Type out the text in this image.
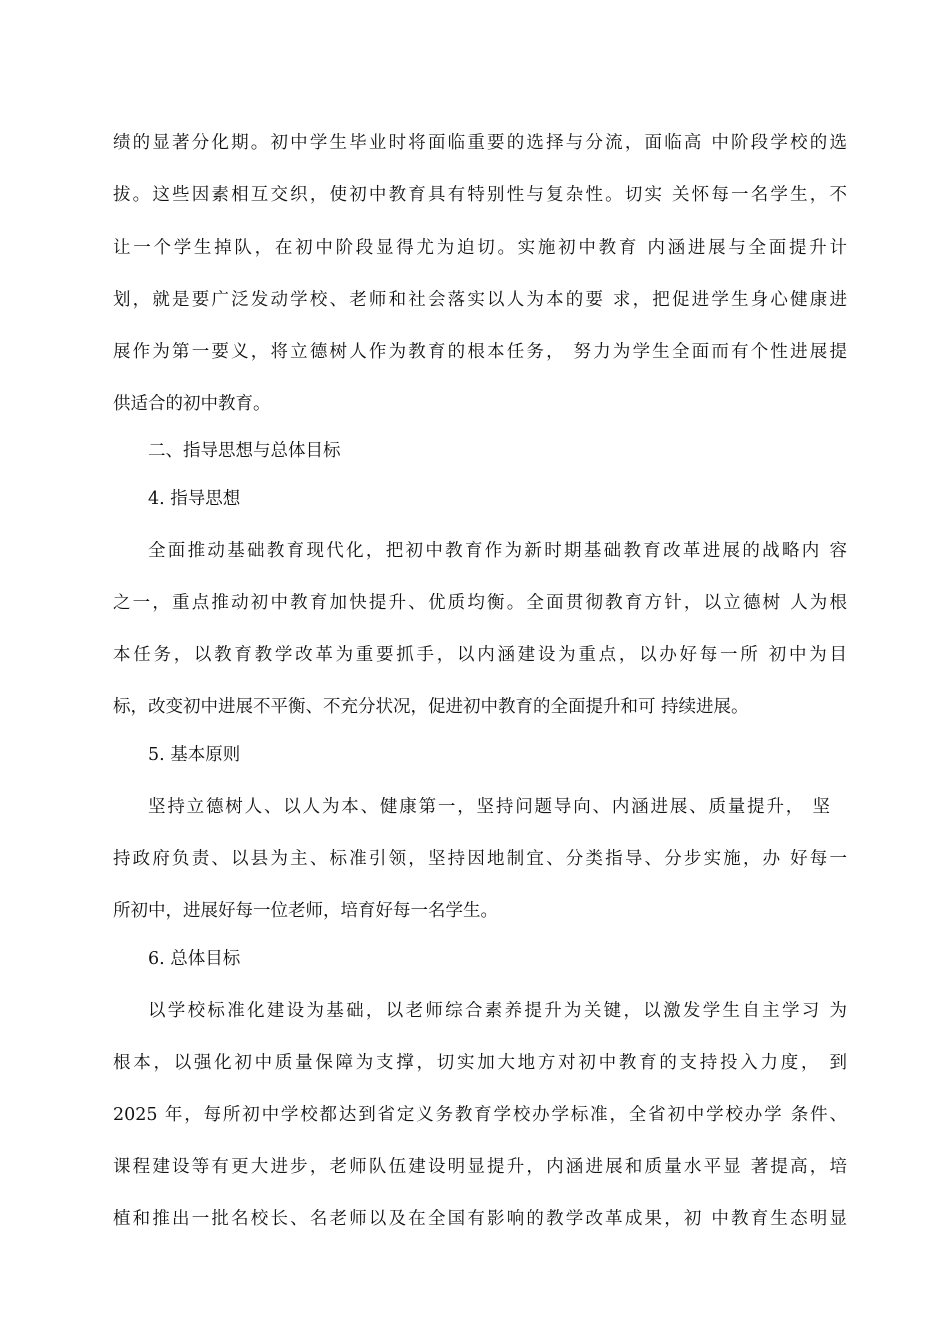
绩的显著分化期。初中学生毕业时将面临重要的选择与分流，面临高 中阶段学校的选
拔。这些因素相互交织，使初中教育具有特别性与复杂性。切实 关怀每一名学生，不
让一个学生掉队，在初中阶段显得尤为迫切。实施初中教育 内涵进展与全面提升计
划，就是要广泛发动学校、老师和社会落实以人为本的要 求，把促进学生身心健康进
展作为第一要义，将立德树人作为教育的根本任务， 努力为学生全面而有个性进展提
供适合的初中教育。
二、指导思想与总体目标
4. 指导思想
全面推动基础教育现代化，把初中教育作为新时期基础教育改革进展的战略内 容
之一，重点推动初中教育加快提升、优质均衡。全面贯彻教育方针，以立德树 人为根
本任务，以教育教学改革为重要抓手，以内涵建设为重点，以办好每一所 初中为目
标，改变初中进展不平衡、不充分状况，促进初中教育的全面提升和可 持续进展。
5. 基本原则
坚持立德树人、以人为本、健康第一，坚持问题导向、内涵进展、质量提升， 坚
持政府负责、以县为主、标准引领，坚持因地制宜、分类指导、分步实施，办 好每一
所初中，进展好每一位老师，培育好每一名学生。
6. 总体目标
以学校标准化建设为基础，以老师综合素养提升为关键，以激发学生自主学习 为
根本，以强化初中质量保障为支撑，切实加大地方对初中教育的支持投入力度， 到
2025 年，每所初中学校都达到省定义务教育学校办学标准，全省初中学校办学 条件、
课程建设等有更大进步，老师队伍建设明显提升，内涵进展和质量水平显 著提高，培
植和推出一批名校长、名老师以及在全国有影响的教学改革成果，初 中教育生态明显
